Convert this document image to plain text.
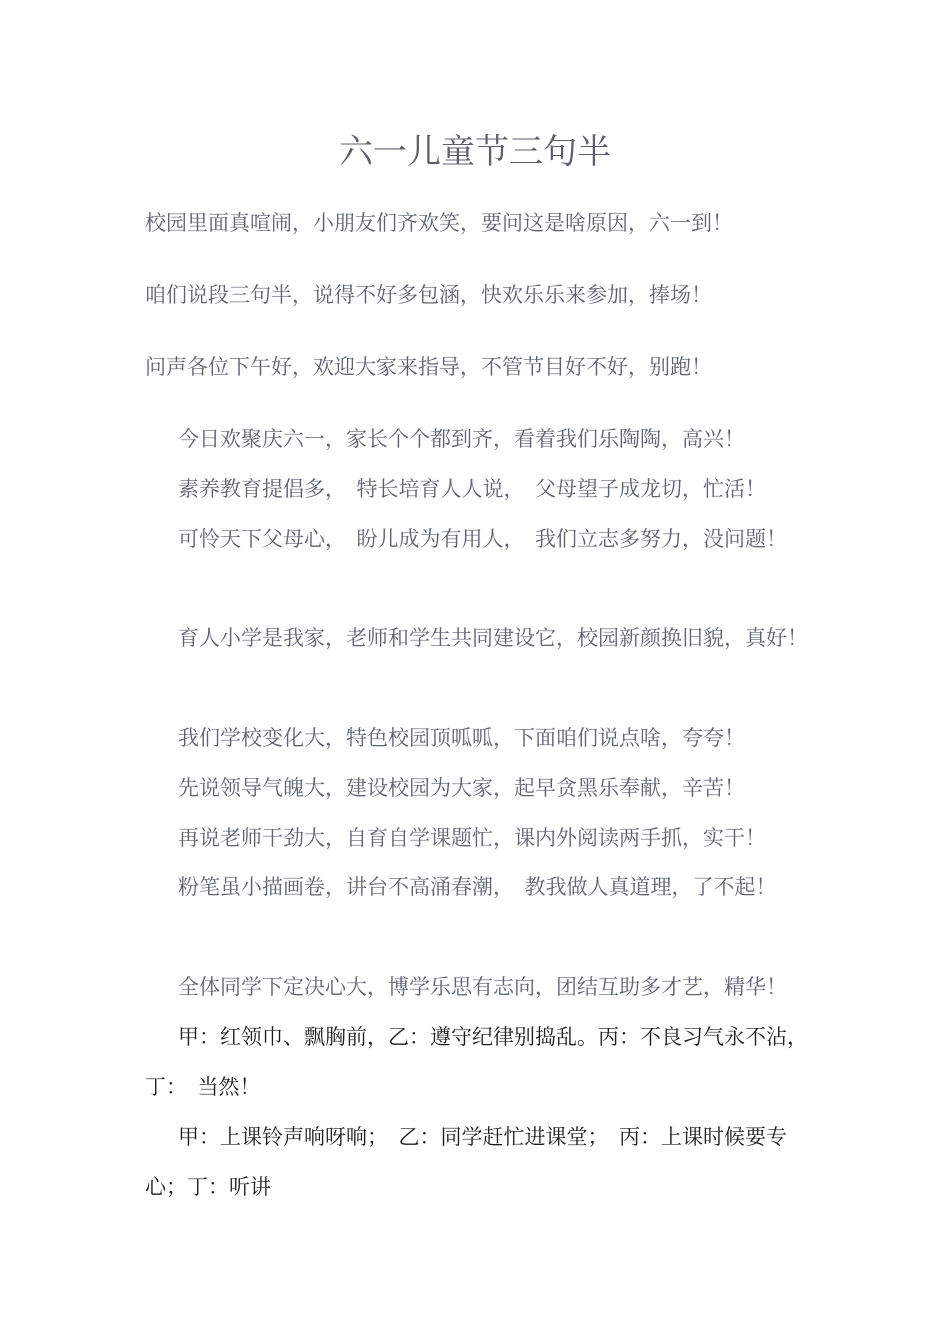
六一儿童节三句半

校园里面真喧闹，小朋友们齐欢笑，要问这是啥原因，六一到！

咱们说段三句半，说得不好多包涵，快欢乐乐来参加，捧场！

问声各位下午好，欢迎大家来指导，不管节目好不好，别跑！

今日欢聚庆六一，家长个个都到齐，看着我们乐陶陶，高兴！

素养教育提倡多，　特长培育人人说，　父母望子成龙切，忙活！

可怜天下父母心，　盼儿成为有用人，　我们立志多努力，没问题！

育人小学是我家，老师和学生共同建设它，校园新颜换旧貌，真好！

我们学校变化大，特色校园顶呱呱，下面咱们说点啥，夸夸！

先说领导气魄大，建设校园为大家，起早贪黑乐奉献，辛苦！

再说老师干劲大，自育自学课题忙，课内外阅读两手抓，实干！

粉笔虽小描画卷，讲台不高涌春潮，　教我做人真道理，了不起！

全体同学下定决心大，博学乐思有志向，团结互助多才艺，精华！

甲：红领巾、飘胸前，乙：遵守纪律别捣乱。丙：不良习气永不沾，　丁：　当然！

甲：上课铃声响呀响；　乙：同学赶忙进课堂；　丙：上课时候要专心；丁：听讲
